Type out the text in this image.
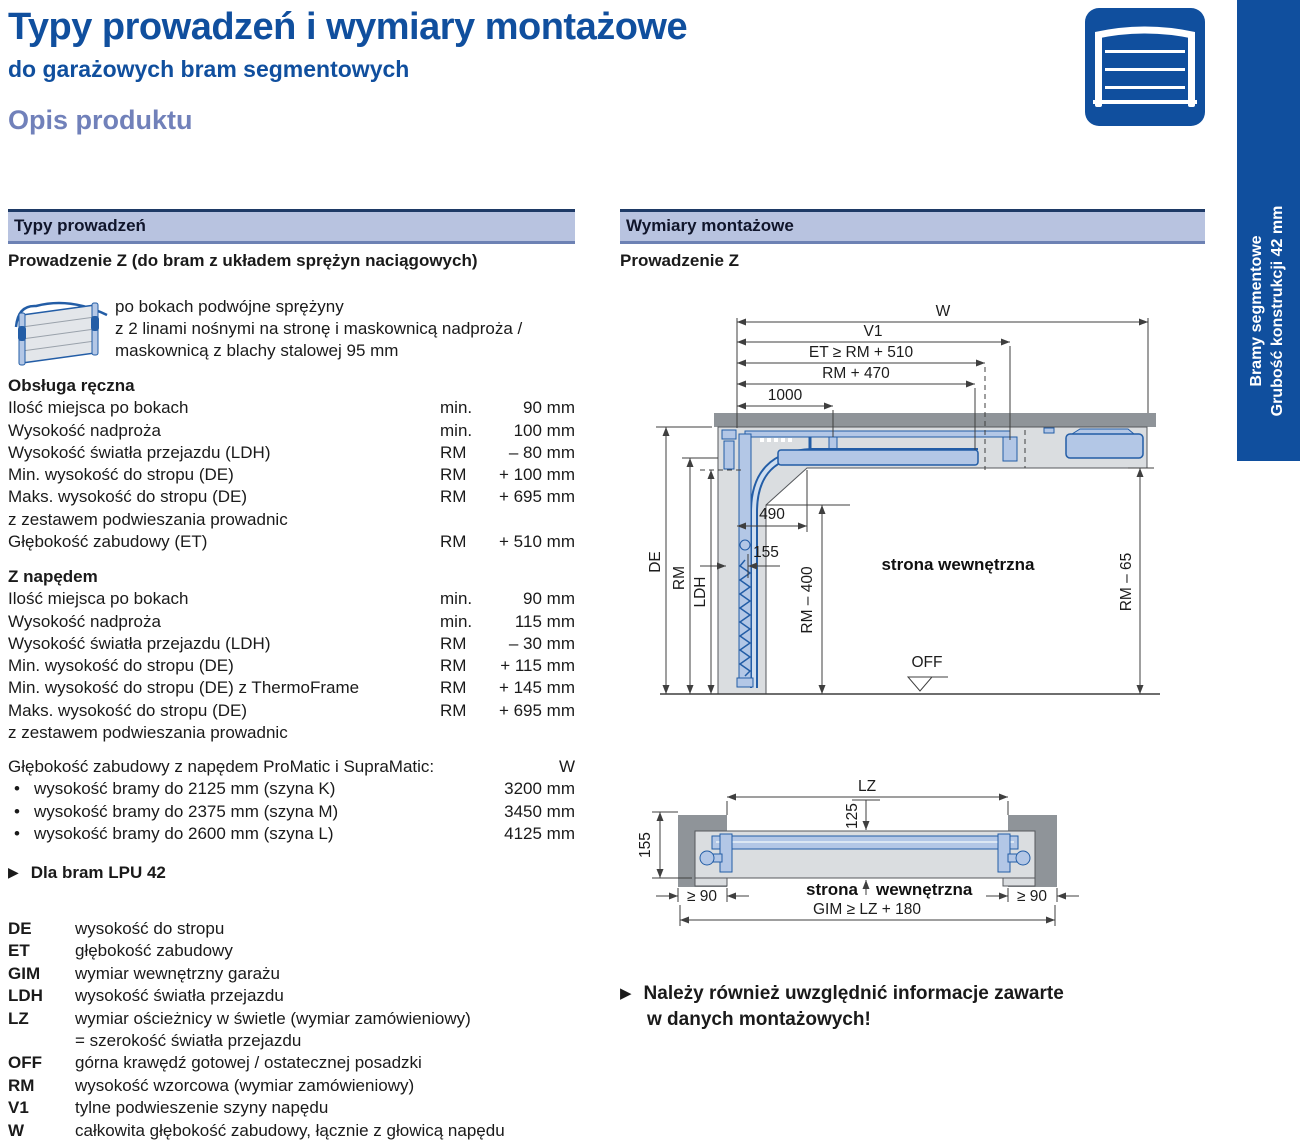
Typy prowadzeń i wymiary montażowe
do garażowych bram segmentowych
Opis produktu
Bramy segmentowe Grubość konstrukcji 42 mm
Typy prowadzeń
Prowadzenie Z (do bram z układem sprężyn naciągowych)
po bokach podwójne sprężyny
z 2 linami nośnymi na stronę i maskownicą nadproża /
maskownicą z blachy stalowej 95 mm
Obsługa ręczna
Ilość miejsca po bokach	min.	90 mm
Wysokość nadproża	min.	100 mm
Wysokość światła przejazdu (LDH)	RM	– 80 mm
Min. wysokość do stropu (DE)	RM	+ 100 mm
Maks. wysokość do stropu (DE)	RM	+ 695 mm
z zestawem podwieszania prowadnic
Głębokość zabudowy (ET)	RM	+ 510 mm
Z napędem
Ilość miejsca po bokach	min.	90 mm
Wysokość nadproża	min.	115 mm
Wysokość światła przejazdu (LDH)	RM	– 30 mm
Min. wysokość do stropu (DE)	RM	+ 115 mm
Min. wysokość do stropu (DE) z ThermoFrame	RM	+ 145 mm
Maks. wysokość do stropu (DE)	RM	+ 695 mm
z zestawem podwieszania prowadnic
Głębokość zabudowy z napędem ProMatic i SupraMatic:	W
• wysokość bramy do 2125 mm (szyna K)	3200 mm
• wysokość bramy do 2375 mm (szyna M)	3450 mm
• wysokość bramy do 2600 mm (szyna L)	4125 mm
▶ Dla bram LPU 42
DE	wysokość do stropu
ET	głębokość zabudowy
GIM	wymiar wewnętrzny garażu
LDH	wysokość światła przejazdu
LZ	wymiar ościeżnicy w świetle (wymiar zamówieniowy)
= szerokość światła przejazdu
OFF	górna krawędź gotowej / ostatecznej posadzki
RM	wysokość wzorcowa (wymiar zamówieniowy)
V1	tylne podwieszenie szyny napędu
W	całkowita głębokość zabudowy, łącznie z głowicą napędu
Wymiary montażowe
Prowadzenie Z
W
V1
ET ≥ RM + 510
RM + 470
1000
DE
RM LDH
490
155
RM – 400
strona wewnętrzna
OFF
RM – 65
LZ
125
155
≥ 90	≥ 90
strona wewnętrzna
GIM ≥ LZ + 180
▶ Należy również uwzględnić informacje zawarte
w danych montażowych!
